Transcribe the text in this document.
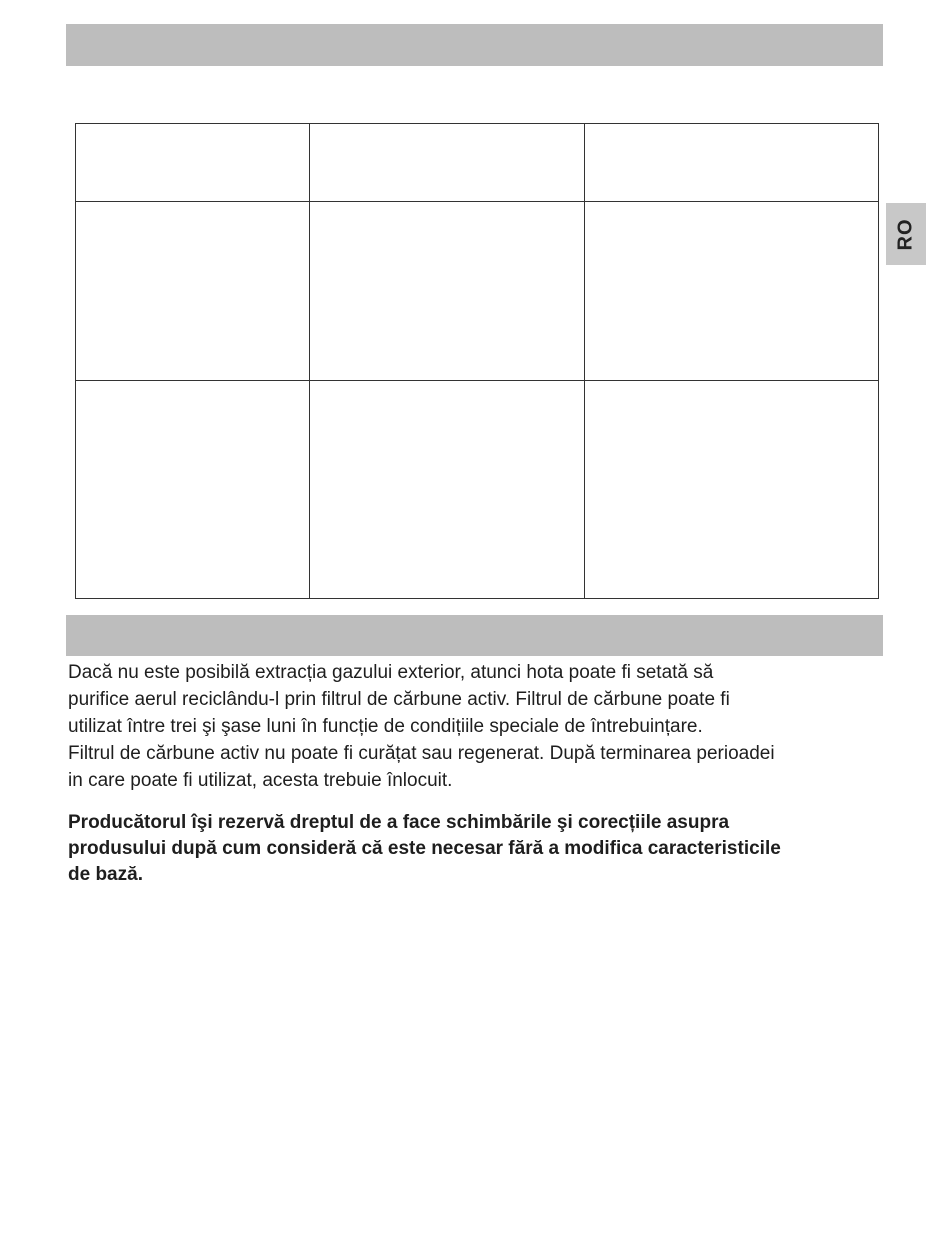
RO

Dacă nu este posibilă extracția gazului exterior, atunci hota poate fi setată să

purifice aerul reciclându-l prin filtrul de cărbune activ. Filtrul de cărbune poate fi

utilizat între trei şi şase luni în funcție de condițiile speciale de întrebuințare.

Filtrul de cărbune activ nu poate fi curățat sau regenerat. După terminarea perioadei

in care poate fi utilizat, acesta trebuie înlocuit.

Producătorul îşi rezervă dreptul de a face schimbările şi corecțiile asupra
produsului după cum consideră că este necesar fără a modifica caracteristicile
de bază.
